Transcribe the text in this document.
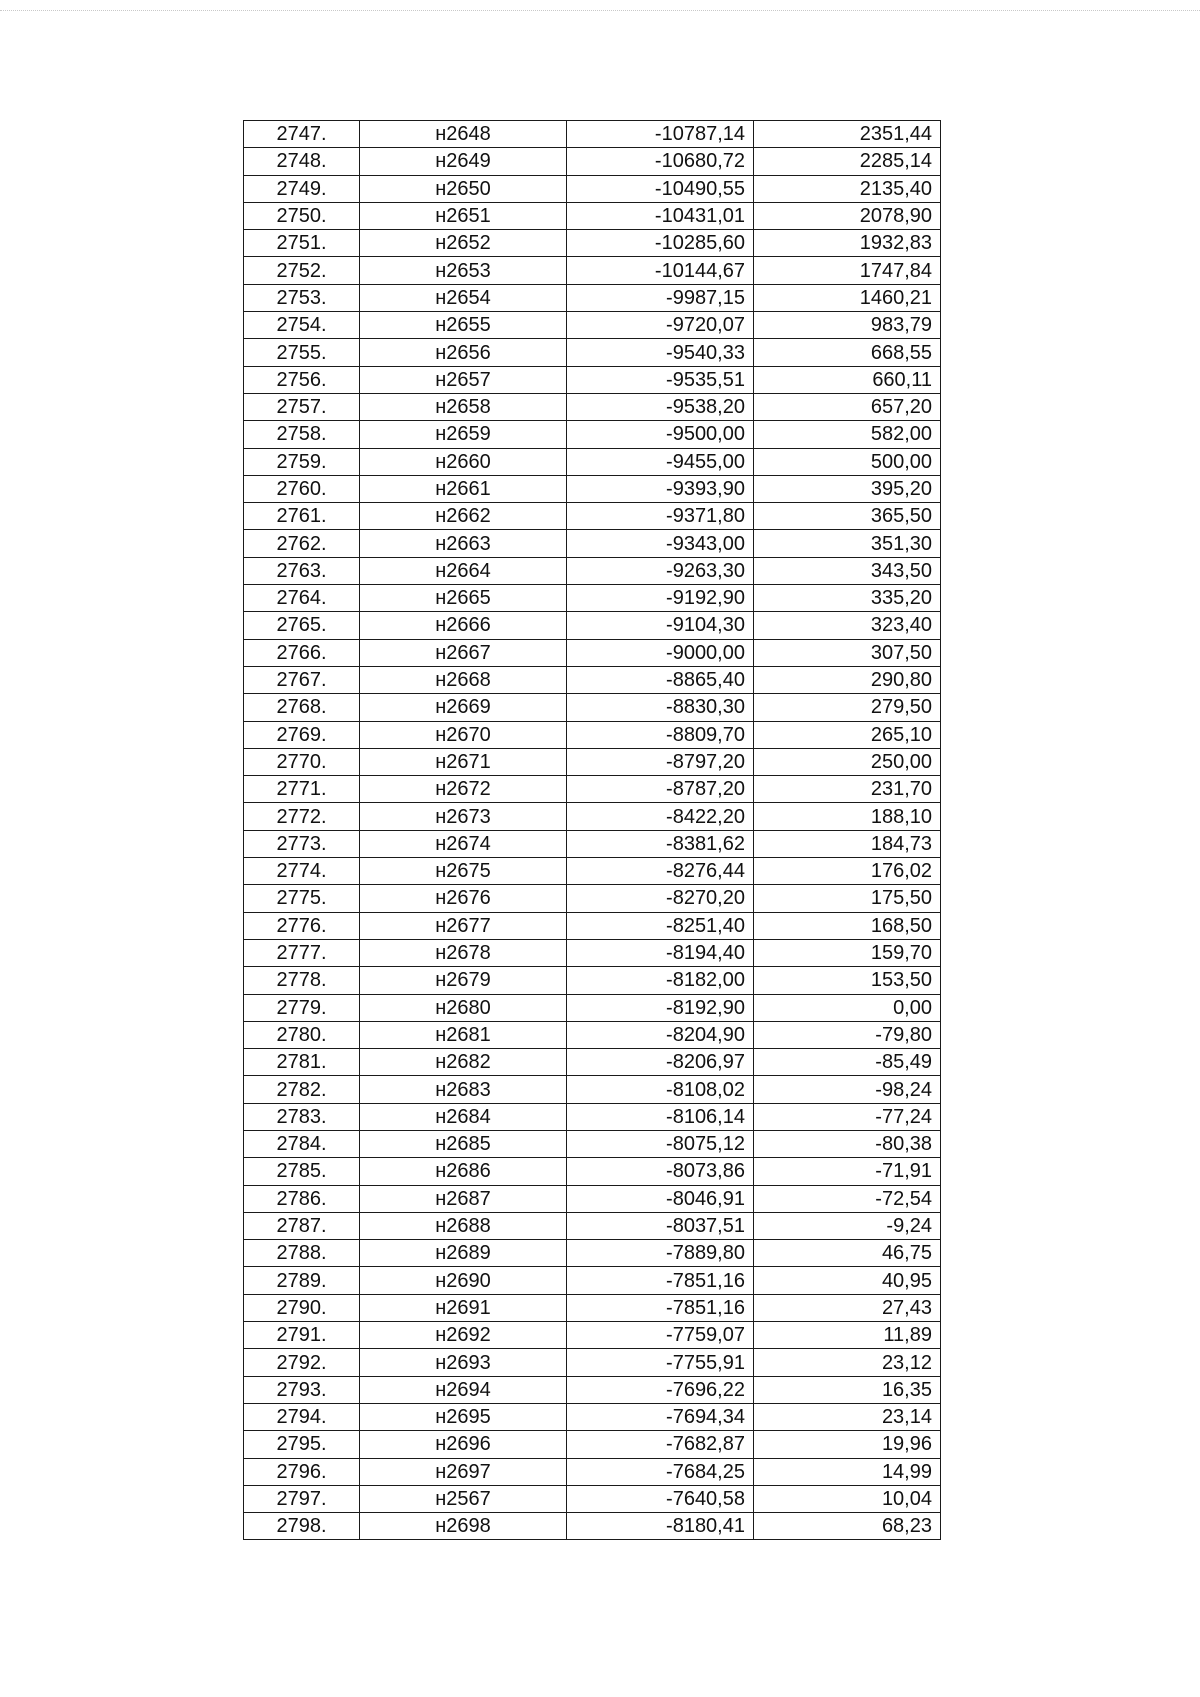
2747.	н2648	-10787,14	2351,44
2748.	н2649	-10680,72	2285,14
2749.	н2650	-10490,55	2135,40
2750.	н2651	-10431,01	2078,90
2751.	н2652	-10285,60	1932,83
2752.	н2653	-10144,67	1747,84
2753.	н2654	-9987,15	1460,21
2754.	н2655	-9720,07	983,79
2755.	н2656	-9540,33	668,55
2756.	н2657	-9535,51	660,11
2757.	н2658	-9538,20	657,20
2758.	н2659	-9500,00	582,00
2759.	н2660	-9455,00	500,00
2760.	н2661	-9393,90	395,20
2761.	н2662	-9371,80	365,50
2762.	н2663	-9343,00	351,30
2763.	н2664	-9263,30	343,50
2764.	н2665	-9192,90	335,20
2765.	н2666	-9104,30	323,40
2766.	н2667	-9000,00	307,50
2767.	н2668	-8865,40	290,80
2768.	н2669	-8830,30	279,50
2769.	н2670	-8809,70	265,10
2770.	н2671	-8797,20	250,00
2771.	н2672	-8787,20	231,70
2772.	н2673	-8422,20	188,10
2773.	н2674	-8381,62	184,73
2774.	н2675	-8276,44	176,02
2775.	н2676	-8270,20	175,50
2776.	н2677	-8251,40	168,50
2777.	н2678	-8194,40	159,70
2778.	н2679	-8182,00	153,50
2779.	н2680	-8192,90	0,00
2780.	н2681	-8204,90	-79,80
2781.	н2682	-8206,97	-85,49
2782.	н2683	-8108,02	-98,24
2783.	н2684	-8106,14	-77,24
2784.	н2685	-8075,12	-80,38
2785.	н2686	-8073,86	-71,91
2786.	н2687	-8046,91	-72,54
2787.	н2688	-8037,51	-9,24
2788.	н2689	-7889,80	46,75
2789.	н2690	-7851,16	40,95
2790.	н2691	-7851,16	27,43
2791.	н2692	-7759,07	11,89
2792.	н2693	-7755,91	23,12
2793.	н2694	-7696,22	16,35
2794.	н2695	-7694,34	23,14
2795.	н2696	-7682,87	19,96
2796.	н2697	-7684,25	14,99
2797.	н2567	-7640,58	10,04
2798.	н2698	-8180,41	68,23
